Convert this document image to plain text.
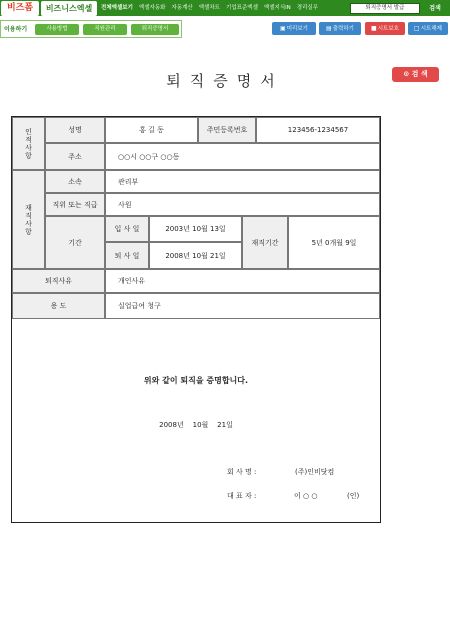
비즈폼	비즈니스엑셀	전체엑셀보기	엑셀자동화	자동계산	엑셀차트	기업표준엑셀	엑셀지식iN	경리실무	퇴직증명서 발급	검색
이용하기	사용방법	직원관리	퇴직증명서	▣미리보기	▤출력하기	■시트보호	□시트해제
퇴직증명서	⊙ 검 색
인적사항	성명	홍 길 동	주민등록번호	123456-1234567
주소	○○시 ○○구 ○○동
재직사항
소속	관리부
직위 또는 직급	사원
기간
입 사 일	2003년 10월 13일
퇴 사 일	2008년 10월 21일
재직기간	5년 0개월 9일
퇴직사유	개인사유
용 도	실업급여 청구
위와 같이 퇴직을 증명합니다.
2008년    10월    21일
회 사 명 :	(주)인비닷컴
대 표 자 :	이 ○ ○	(인)
